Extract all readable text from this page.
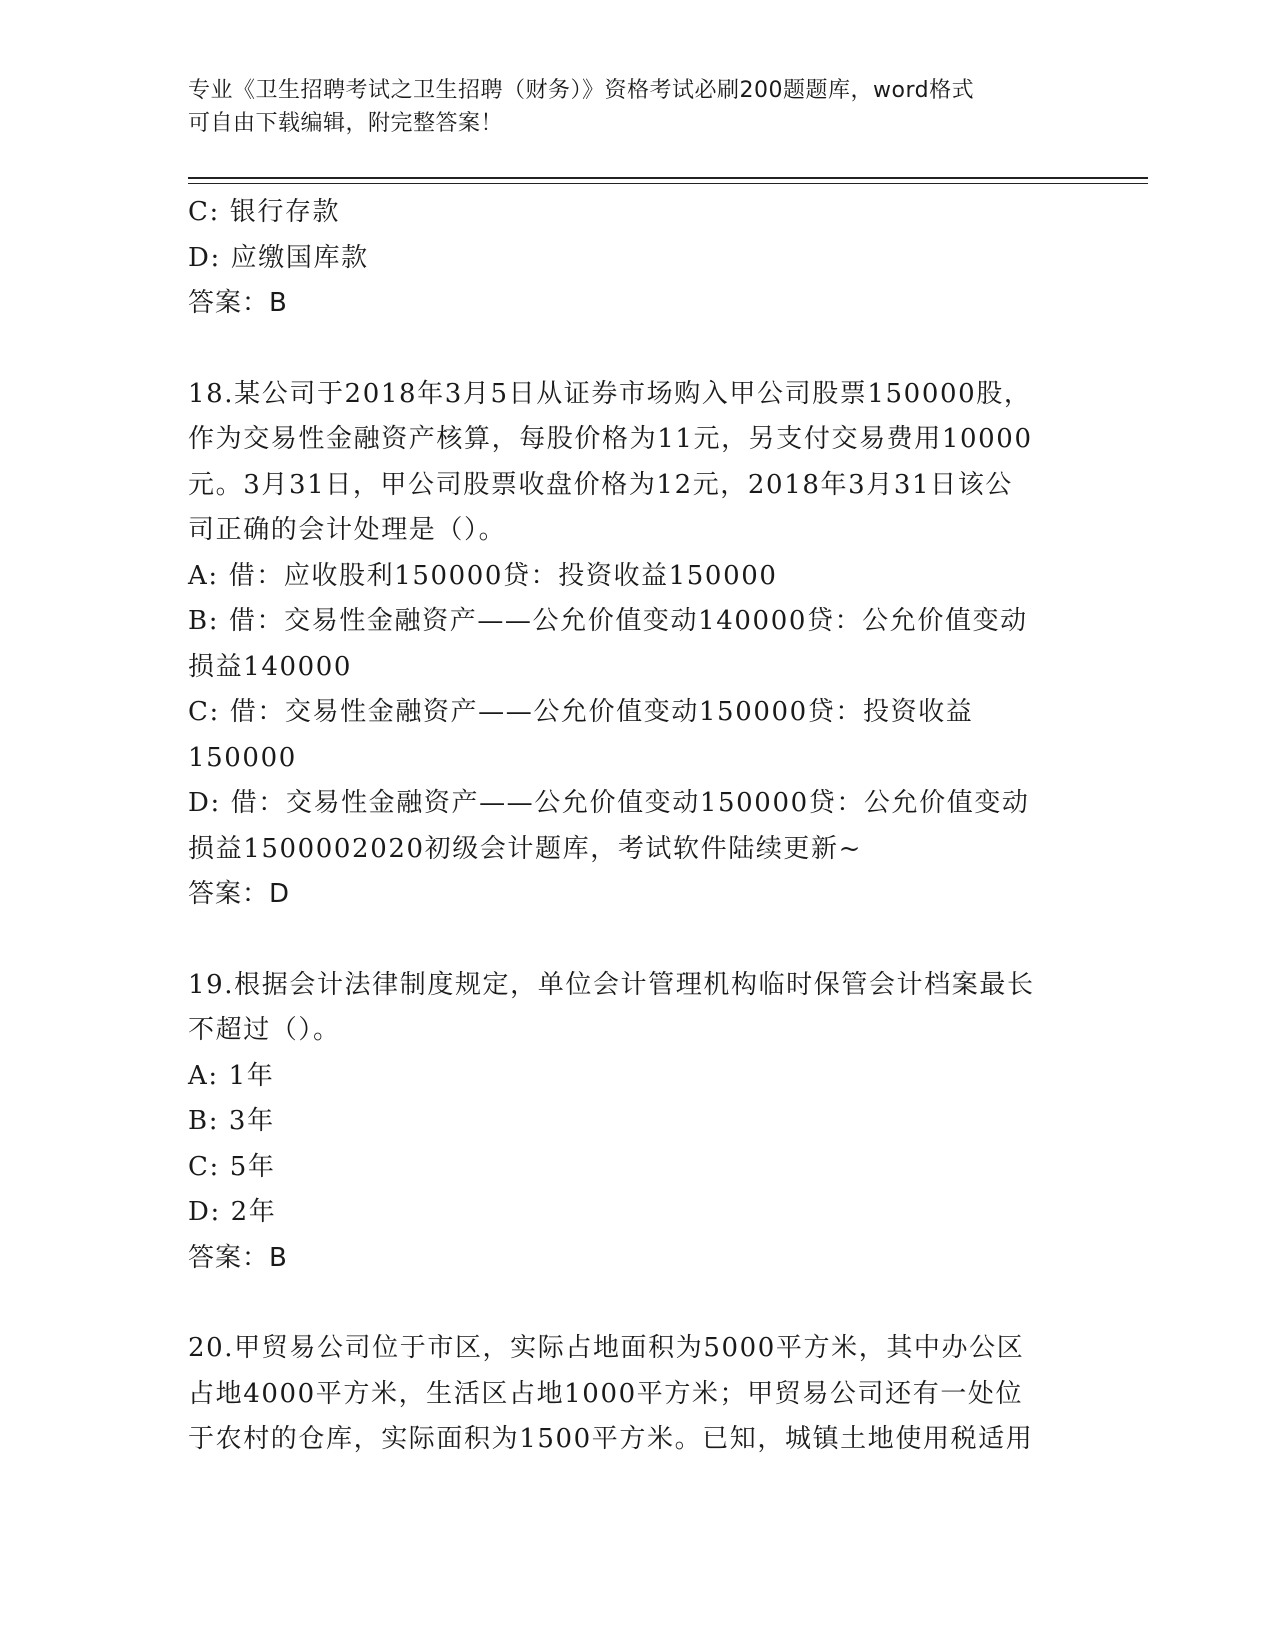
专业《卫生招聘考试之卫生招聘（财务）》资格考试必刷200题题库，word格式
可自由下载编辑，附完整答案！
C: 银行存款
D: 应缴国库款
答案：B
18.某公司于2018年3月5日从证券市场购入甲公司股票150000股，
作为交易性金融资产核算，每股价格为11元，另支付交易费用10000
元。3月31日，甲公司股票收盘价格为12元，2018年3月31日该公
司正确的会计处理是（）。
A: 借：应收股利150000贷：投资收益150000
B: 借：交易性金融资产——公允价值变动140000贷：公允价值变动
损益140000
C: 借：交易性金融资产——公允价值变动150000贷：投资收益
150000
D: 借：交易性金融资产——公允价值变动150000贷：公允价值变动
损益1500002020初级会计题库，考试软件陆续更新~
答案：D
19.根据会计法律制度规定，单位会计管理机构临时保管会计档案最长
不超过（）。
A: 1年
B: 3年
C: 5年
D: 2年
答案：B
20.甲贸易公司位于市区，实际占地面积为5000平方米，其中办公区
占地4000平方米，生活区占地1000平方米；甲贸易公司还有一处位
于农村的仓库，实际面积为1500平方米。已知，城镇土地使用税适用
